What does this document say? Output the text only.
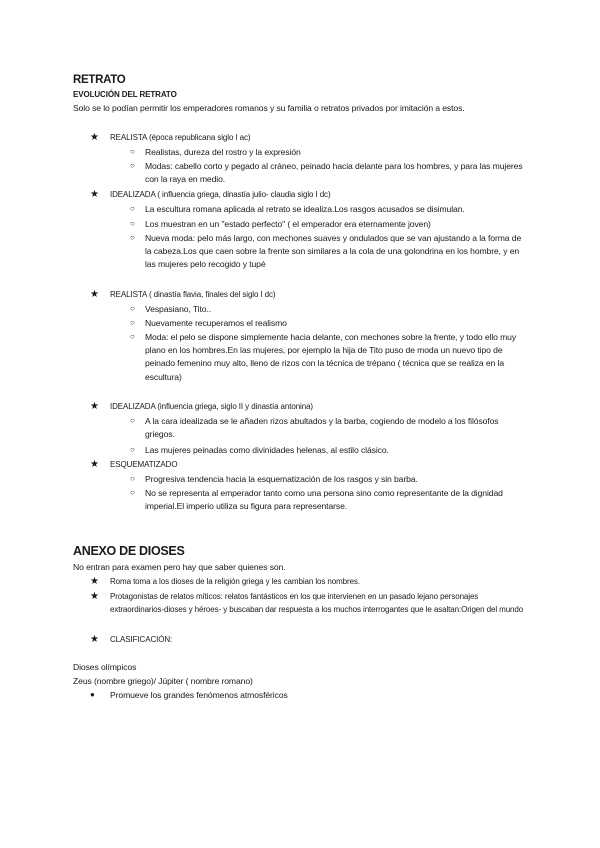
RETRATO
EVOLUCIÓN DEL RETRATO
Solo se lo podían permitir los emperadores romanos y su familia o retratos privados por imitación a estos.
★ REALISTA (época republicana siglo I ac)
○ Realistas, dureza del rostro y la expresión
○ Modas: cabello corto y pegado al cráneo, peinado hacia delante para los hombres, y para las mujeres con la raya en medio.
★ IDEALIZADA ( influencia griega, dinastía julio- claudia siglo I dc)
○ La escultura romana aplicada al retrato se idealiza.Los rasgos acusados se disimulan.
○ Los muestran en un "estado perfecto" ( el emperador era eternamente joven)
○ Nueva moda: pelo más largo, con mechones suaves y ondulados que se van ajustando a la forma de la cabeza.Los que caen sobre la frente son similares a la cola de una golondrina en los hombre, y en las mujeres pelo recogido y tupé
★ REALISTA ( dinastía flavia, finales del siglo I dc)
○ Vespasiano, Tito..
○ Nuevamente recuperamos el realismo
○ Moda: el pelo se dispone simplemente hacia delante, con mechones sobre la frente, y todo ello muy plano en los hombres.En las mujeres, por ejemplo la hija de Tito puso de moda un nuevo tipo de peinado femenino muy alto, lleno de rizos con la técnica de trépano ( técnica que se realiza en la escultura)
★ IDEALIZADA (influencia griega, siglo II y dinastía antonina)
○ A la cara idealizada se le añaden rizos abultados y la barba, cogiendo de modelo a los filósofos griegos.
○ Las mujeres peinadas como divinidades helenas, al estilo clásico.
★ ESQUEMATIZADO
○ Progresiva tendencia hacia la esquematización de los rasgos y sin barba.
○ No se representa al emperador tanto como una persona sino como representante de la dignidad imperial.El imperio utiliza su figura para representarse.
ANEXO DE DIOSES
No entran para examen pero hay que saber quienes son.
★ Roma toma a los dioses de la religión griega y les cambian los nombres.
★ Protagonistas de relatos míticos: relatos fantásticos en los que intervienen en un pasado lejano personajes extraordinarios-dioses y héroes- y buscaban dar respuesta a los muchos interrogantes que le asaltan:Origen del mundo
★ CLASIFICACIÓN:
Dioses olímpicos
Zeus (nombre griego)/ Júpiter ( nombre romano)
● Promueve los grandes fenómenos atmosféricos
